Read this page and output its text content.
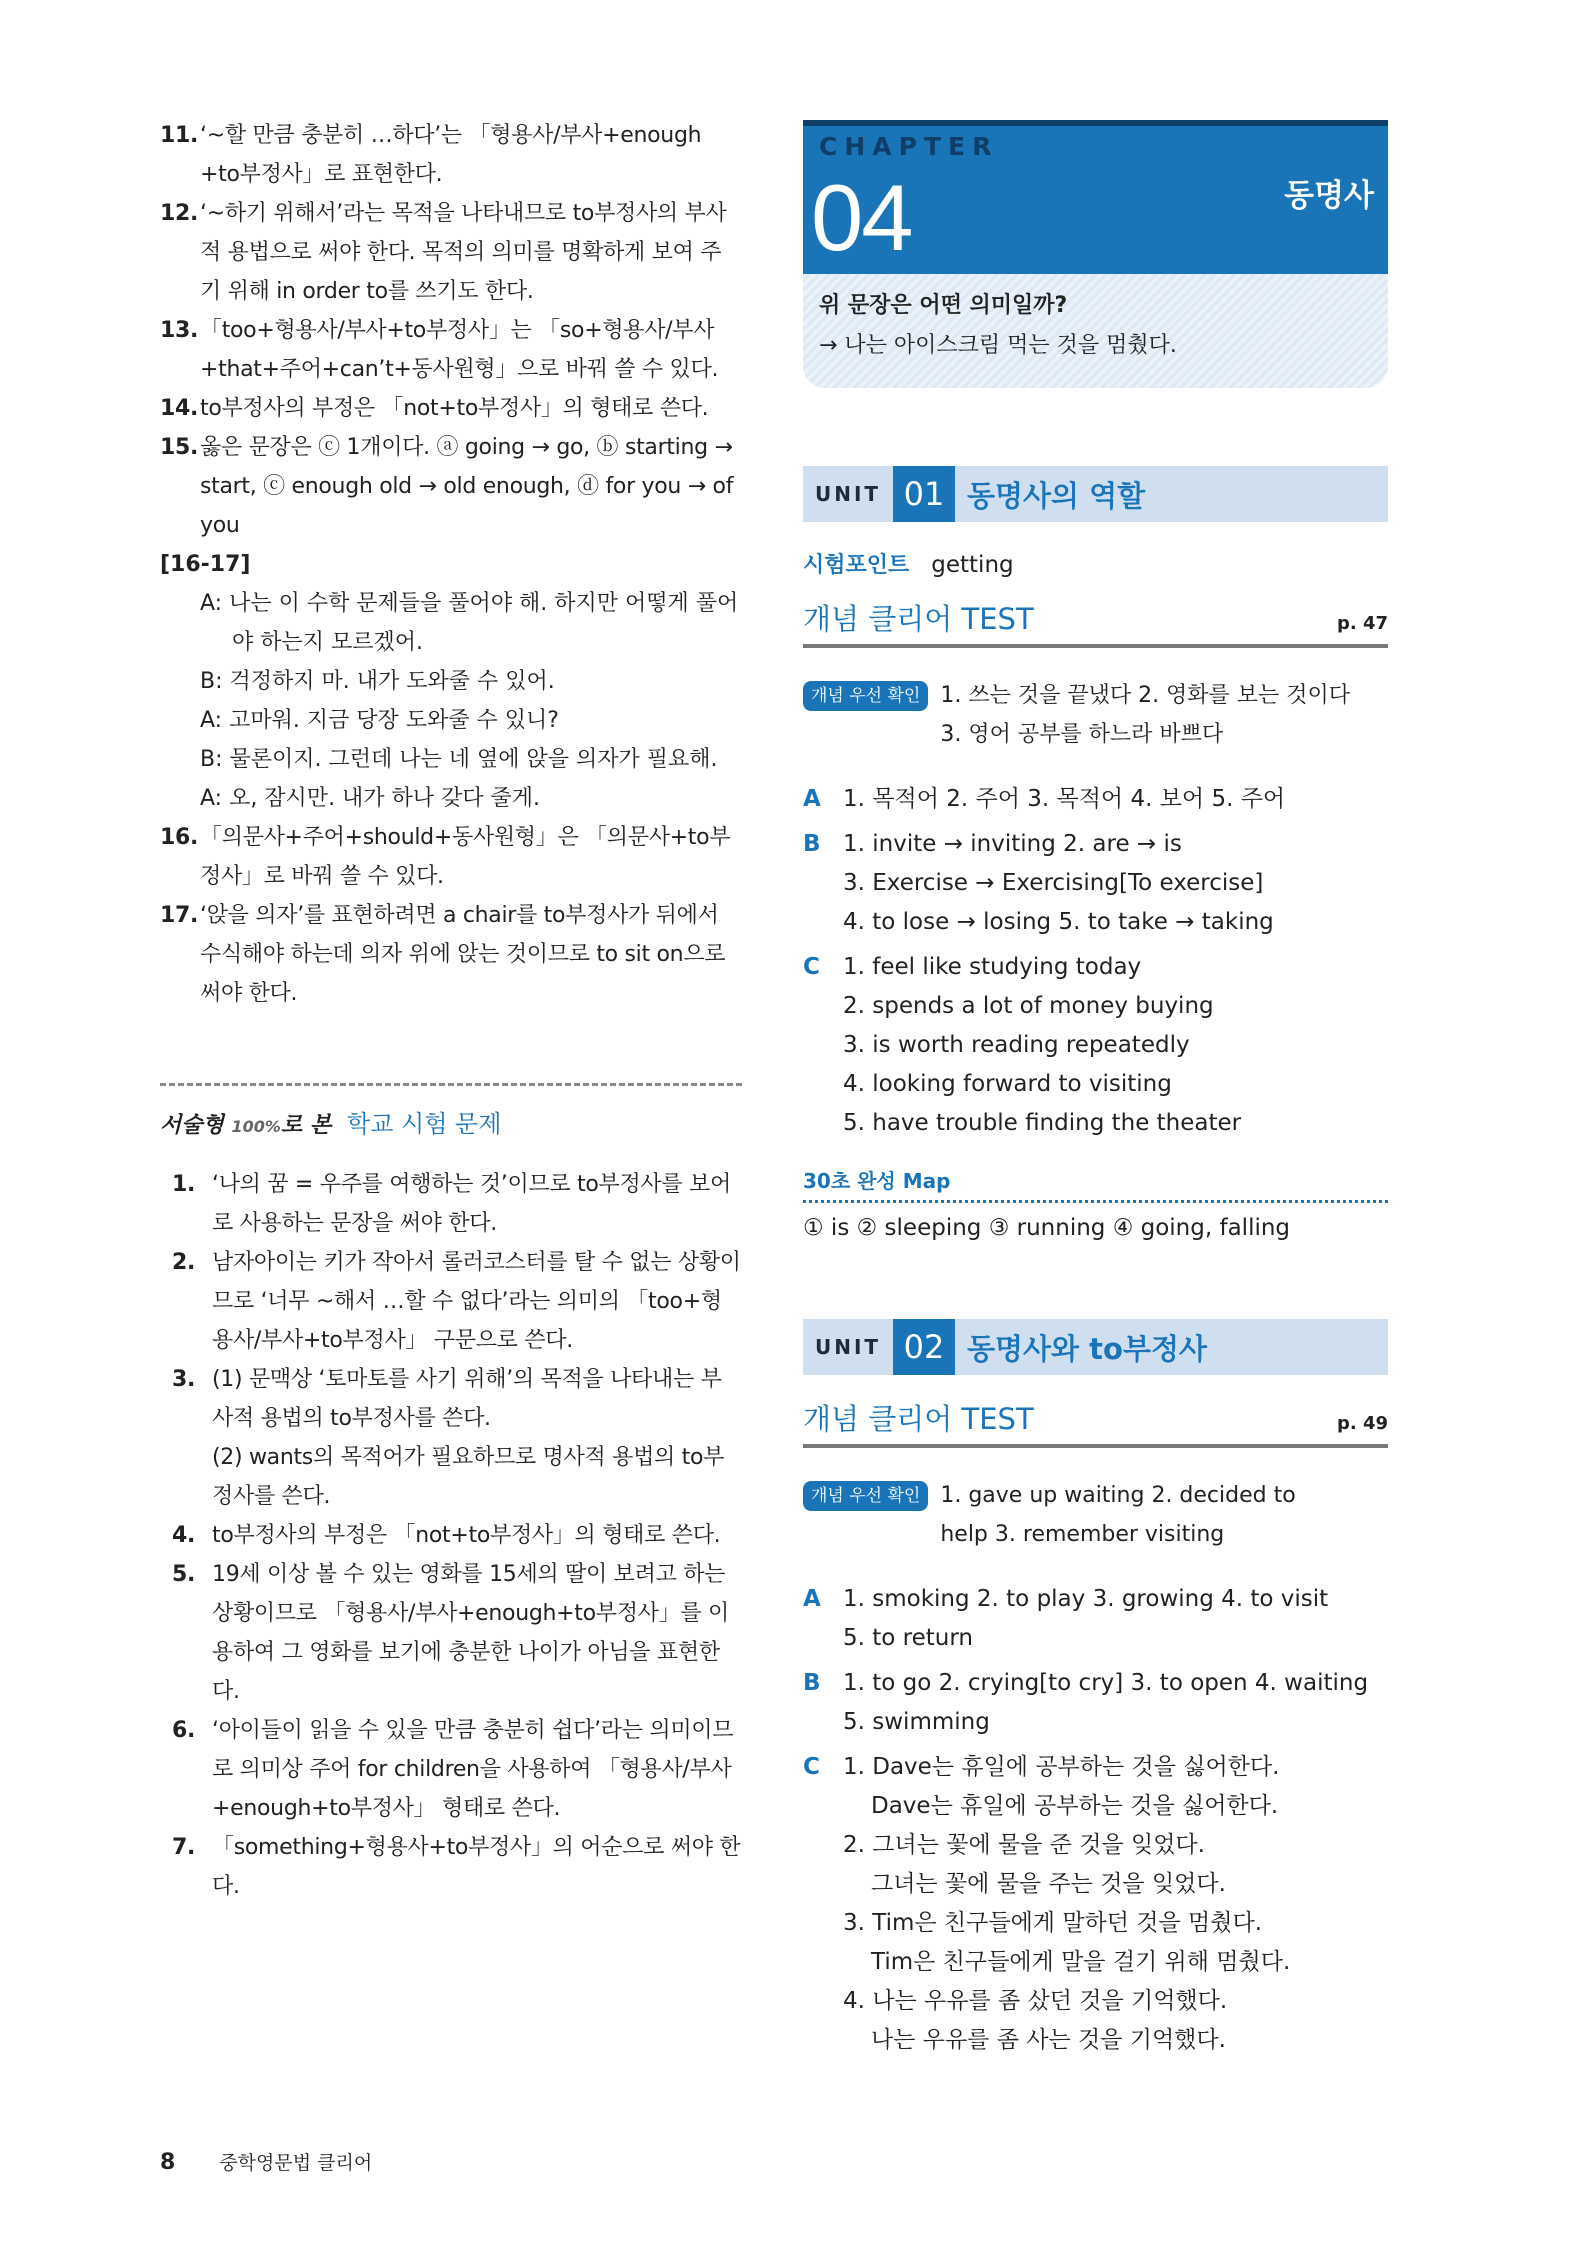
11. ‘~할 만큼 충분히 …하다’는 「형용사/부사+enough +to부정사」로 표현한다.
12. ‘~하기 위해서’라는 목적을 나타내므로 to부정사의 부사적 용법으로 써야 한다. 목적의 의미를 명확하게 보여 주기 위해 in order to를 쓰기도 한다.
13. 「too+형용사/부사+to부정사」는 「so+형용사/부사+that+주어+can’t+동사원형」으로 바꿔 쓸 수 있다.
14. to부정사의 부정은 「not+to부정사」의 형태로 쓴다.
15. 옳은 문장은 ⓒ 1개이다. ⓐ going → go, ⓑ starting → start, ⓒ enough old → old enough, ⓓ for you → of you
[16-17]
A: 나는 이 수학 문제들을 풀어야 해. 하지만 어떻게 풀어야 하는지 모르겠어.
B: 걱정하지 마. 내가 도와줄 수 있어.
A: 고마워. 지금 당장 도와줄 수 있니?
B: 물론이지. 그런데 나는 네 옆에 앉을 의자가 필요해.
A: 오, 잠시만. 내가 하나 갖다 줄게.
16. 「의문사+주어+should+동사원형」은 「의문사+to부정사」로 바꿔 쓸 수 있다.
17. ‘앉을 의자’를 표현하려면 a chair를 to부정사가 뒤에서 수식해야 하는데 의자 위에 앉는 것이므로 to sit on으로 써야 한다.
서술형 100%로 본 학교 시험 문제
1. ‘나의 꿈 = 우주를 여행하는 것’이므로 to부정사를 보어로 사용하는 문장을 써야 한다.
2. 남자아이는 키가 작아서 롤러코스터를 탈 수 없는 상황이므로 ‘너무 ~해서 …할 수 없다’라는 의미의 「too+형용사/부사+to부정사」 구문으로 쓴다.
3. (1) 문맥상 ‘토마토를 사기 위해’의 목적을 나타내는 부사적 용법의 to부정사를 쓴다.
(2) wants의 목적어가 필요하므로 명사적 용법의 to부정사를 쓴다.
4. to부정사의 부정은 「not+to부정사」의 형태로 쓴다.
5. 19세 이상 볼 수 있는 영화를 15세의 딸이 보려고 하는 상황이므로 「형용사/부사+enough+to부정사」를 이용하여 그 영화를 보기에 충분한 나이가 아님을 표현한다.
6. ‘아이들이 읽을 수 있을 만큼 충분히 쉽다’라는 의미이므로 의미상 주어 for children을 사용하여 「형용사/부사+enough+to부정사」 형태로 쓴다.
7. 「something+형용사+to부정사」의 어순으로 써야 한다.
CHAPTER
04	동명사
위 문장은 어떤 의미일까?
→ 나는 아이스크림 먹는 것을 멈췄다.
UNIT 01 동명사의 역할
시험포인트 getting
개념 클리어 TEST	p. 47
개념 우선 확인 1. 쓰는 것을 끝냈다 2. 영화를 보는 것이다
3. 영어 공부를 하느라 바쁘다
A 1. 목적어 2. 주어 3. 목적어 4. 보어 5. 주어
B 1. invite → inviting 2. are → is
3. Exercise → Exercising[To exercise]
4. to lose → losing 5. to take → taking
C	1. feel like studying today
2. spends a lot of money buying
3. is worth reading repeatedly
4. looking forward to visiting
5. have trouble finding the theater
30초 완성 Map
① is ② sleeping ③ running ④ going, falling
UNIT 02 동명사와 to부정사
개념 클리어 TEST	p. 49
개념 우선 확인 1. gave up waiting 2. decided to
help 3. remember visiting
A 1. smoking 2. to play 3. growing 4. to visit
5. to return
B 1. to go 2. crying[to cry] 3. to open 4. waiting
5. swimming
C	1. Dave는 휴일에 공부하는 것을 싫어한다.
Dave는 휴일에 공부하는 것을 싫어한다.
2. 그녀는 꽃에 물을 준 것을 잊었다.
그녀는 꽃에 물을 주는 것을 잊었다.
3. Tim은 친구들에게 말하던 것을 멈췄다.
Tim은 친구들에게 말을 걸기 위해 멈췄다.
4. 나는 우유를 좀 샀던 것을 기억했다.
나는 우유를 좀 사는 것을 기억했다.
8 중학영문법 클리어
